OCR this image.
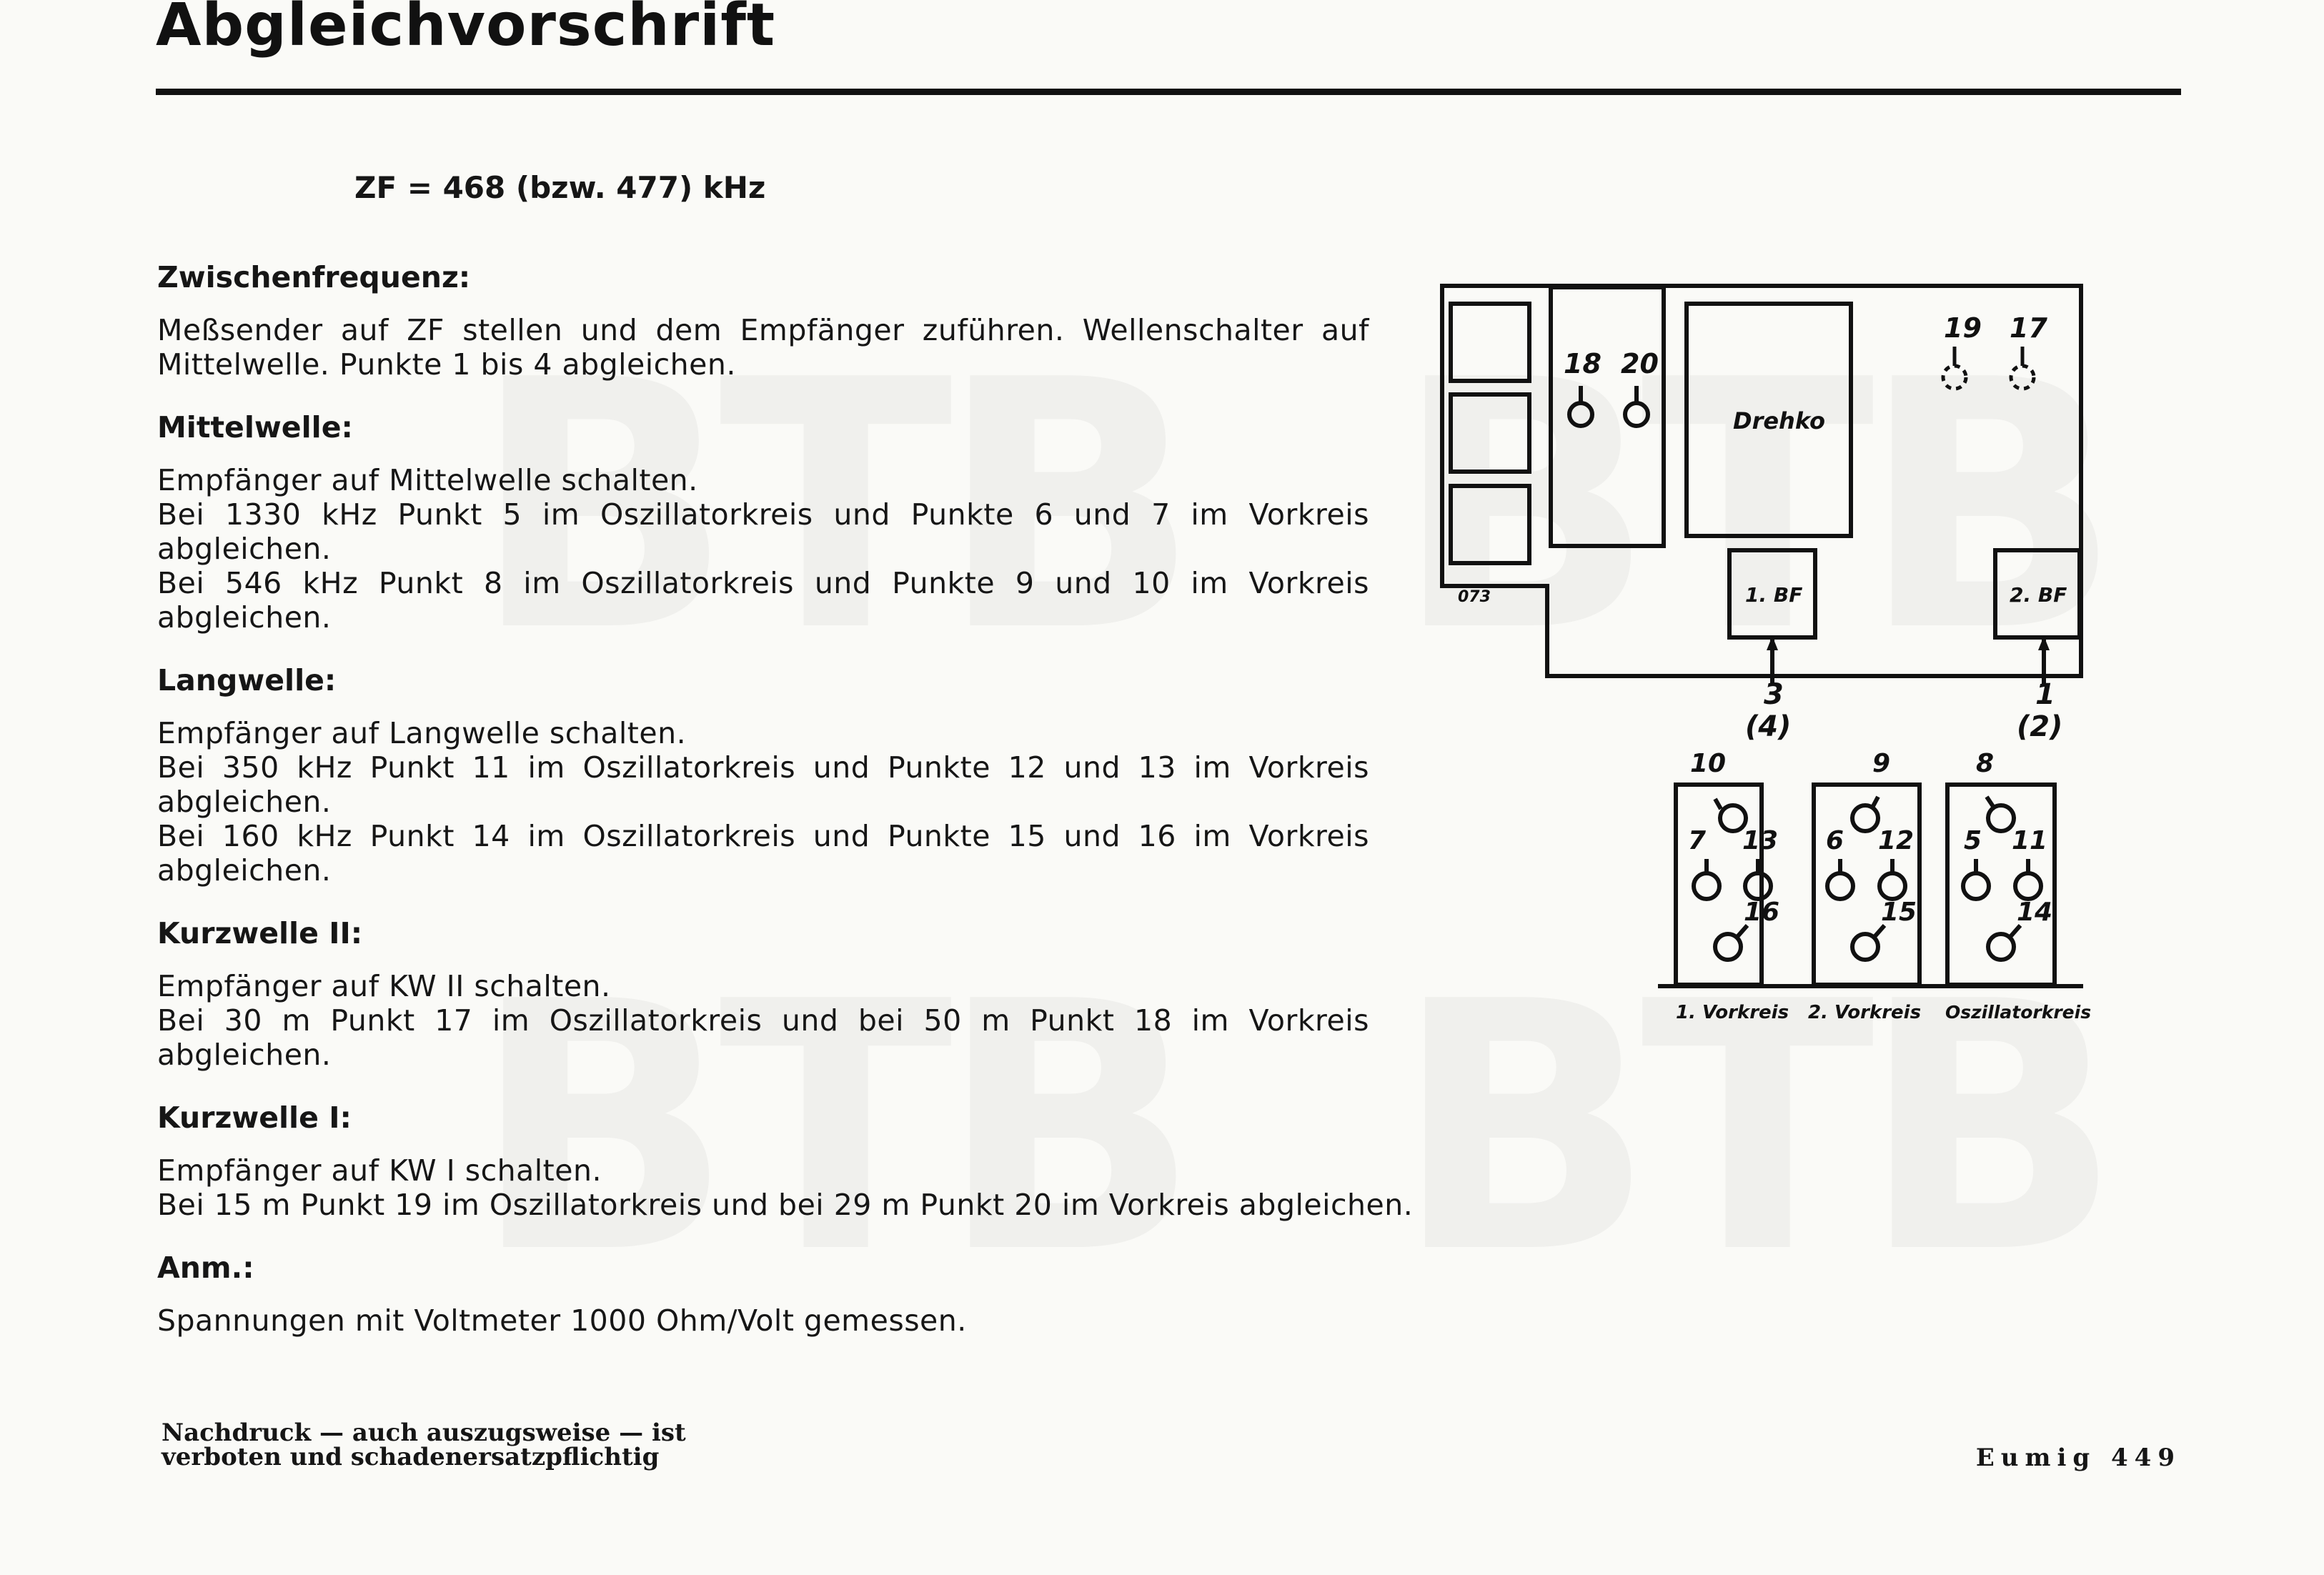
Abgleichvorschrift
ZF = 468 (bzw. 477) kHz
Zwischenfrequenz:

Meßsender auf ZF stellen und dem Empfänger zuführen. Wellenschalter auf Mittelwelle. Punkte 1 bis 4 abgleichen.

Mittelwelle:

Empfänger auf Mittelwelle schalten.

Bei 1330 kHz Punkt 5 im Oszillatorkreis und Punkte 6 und 7 im Vorkreis abgleichen.

Bei 546 kHz Punkt 8 im Oszillatorkreis und Punkte 9 und 10 im Vorkreis abgleichen.

Langwelle:

Empfänger auf Langwelle schalten.

Bei 350 kHz Punkt 11 im Oszillatorkreis und Punkte 12 und 13 im Vorkreis abgleichen.

Bei 160 kHz Punkt 14 im Oszillatorkreis und Punkte 15 und 16 im Vorkreis abgleichen.

Kurzwelle II:

Empfänger auf KW II schalten.

Bei 30 m Punkt 17 im Oszillatorkreis und bei 50 m Punkt 18 im Vorkreis abgleichen.

Kurzwelle I:

Empfänger auf KW I schalten.

Bei 15 m Punkt 19 im Oszillatorkreis und bei 29 m Punkt 20 im Vorkreis abgleichen.

Anm.:

Spannungen mit Voltmeter 1000 Ohm/Volt gemessen.

Nachdruck — auch auszugsweise — ist
verboten und schadenersatzpflichtig	Eumig 449
073
18 20
19 17
Drehko
1. BF	2. BF
3
(4)
1
(2)
10
7 13
16
1. Vorkreis
9
6 12
15
2. Vorkreis
8
5 11
14
Oszillatorkreis
